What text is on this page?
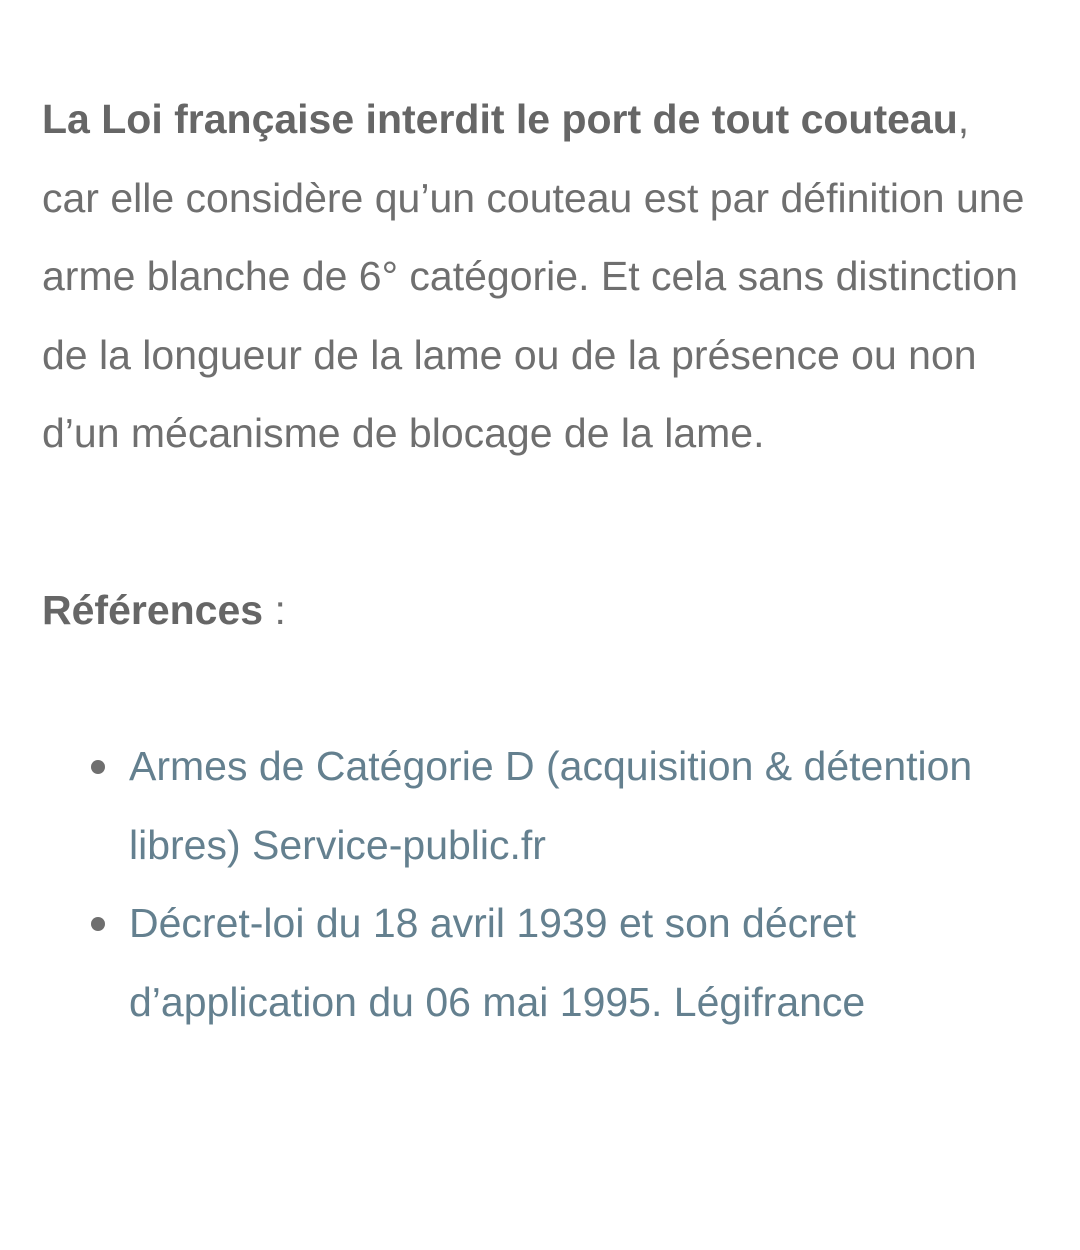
La Loi française interdit le port de tout couteau, car elle considère qu’un couteau est par définition une arme blanche de 6° catégorie. Et cela sans distinction de la longueur de la lame ou de la présence ou non d’un mécanisme de blocage de la lame.

Références :

Armes de Catégorie D (acquisition & détention libres) Service-public.fr
Décret-loi du 18 avril 1939 et son décret d’application du 06 mai 1995. Légifrance
